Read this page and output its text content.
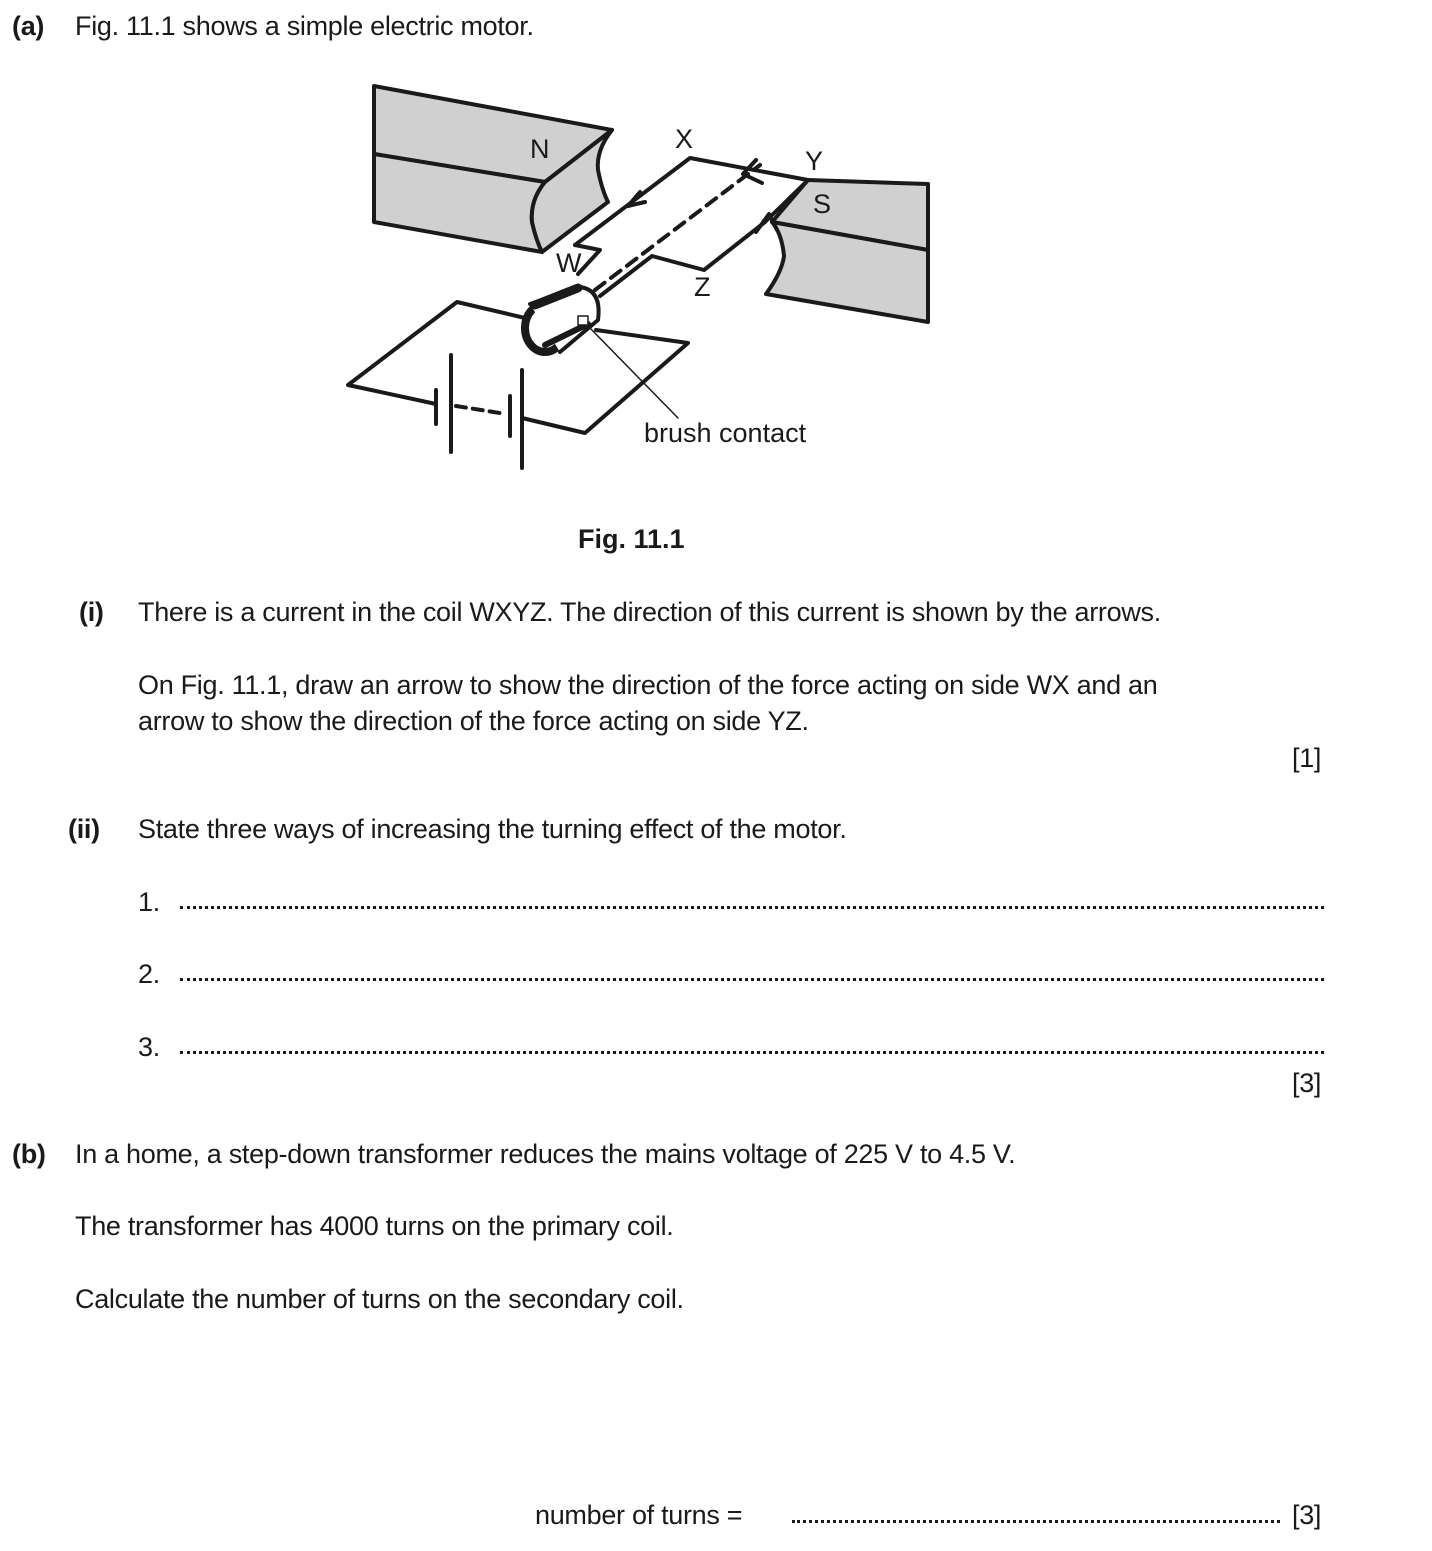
(a) Fig. 11.1 shows a simple electric motor.
N
S
W
X
Y
Z
brush contact
Fig. 11.1
(i) There is a current in the coil WXYZ. The direction of this current is shown by the arrows.
On Fig. 11.1, draw an arrow to show the direction of the force acting on side WX and an
arrow to show the direction of the force acting on side YZ.
[1]
(ii) State three ways of increasing the turning effect of the motor.
1.
2.
3.
[3]
(b) In a home, a step-down transformer reduces the mains voltage of 225 V to 4.5 V.
The transformer has 4000 turns on the primary coil.
Calculate the number of turns on the secondary coil.
number of turns =	[3]
